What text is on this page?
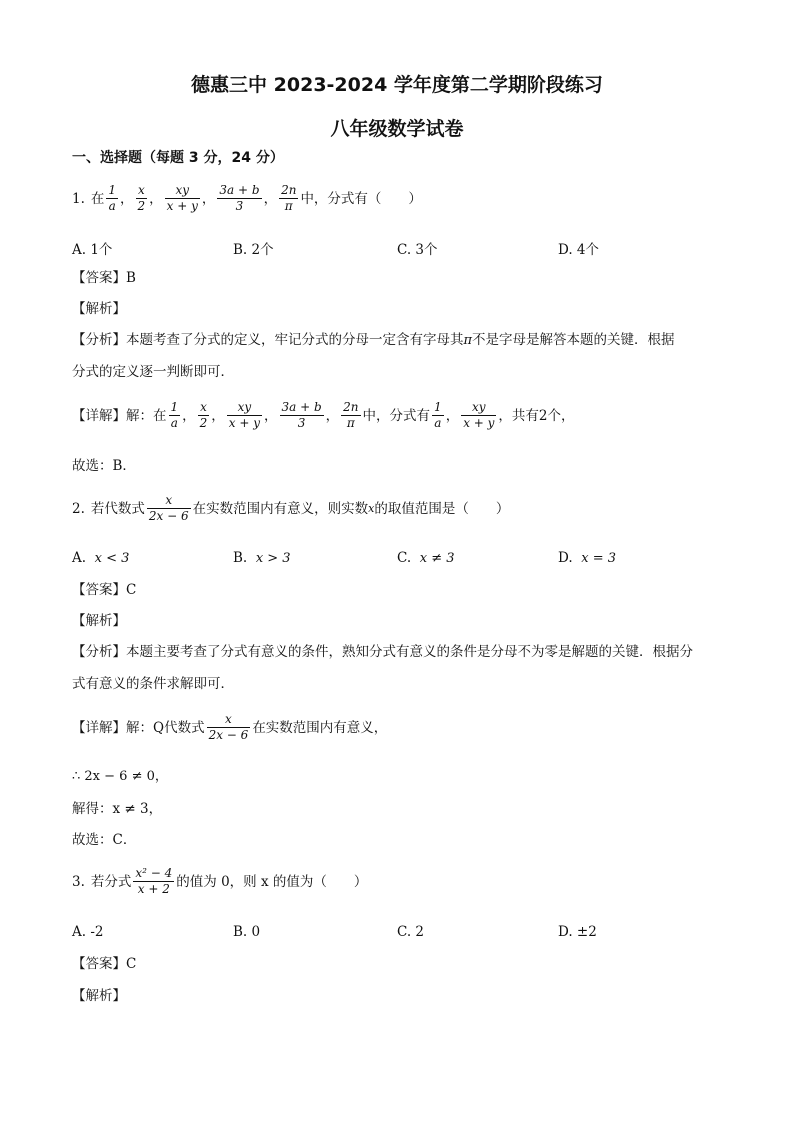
德惠三中 2023-2024 学年度第二学期阶段练习
八年级数学试卷
一、选择题（每题 3 分，24 分）
1. 在 $\frac{1}{a}$ ， $\frac{x}{2}$ ， $\frac{xy}{x + y}$ ， $\frac{3a + b}{3}$ ， $\frac{2n}{\pi}$ 中，分式有（　　）
A. 1个	B. 2个	C. 3个	D. 4个
【答案】B
【解析】
【分析】本题考查了分式的定义，牢记分式的分母一定含有字母其π不是字母是解答本题的关键．根据
分式的定义逐一判断即可．
【详解】 解：在 $\frac{1}{a}$ ， $\frac{x}{2}$ ， $\frac{xy}{x + y}$ ， $\frac{3a + b}{3}$ ， $\frac{2n}{\pi}$ 中，分式有 $\frac{1}{a}$ ， $\frac{xy}{x + y}$ ，共有2个，
故选：B．
2. 若代数式 $\frac{x}{2x - 6}$ 在实数范围内有意义，则实数 x 的取值范围是（　　）
A. x < 3	B. x > 3	C. x ≠ 3	D. x = 3
【答案】C
【解析】
【分析】本题主要考查了分式有意义的条件，熟知分式有意义的条件是分母不为零是解题的关键．根据分
式有意义的条件求解即可．
【详解】 解：Q代数式 $\frac{x}{2x - 6}$ 在实数范围内有意义，
∴ 2x − 6 ≠ 0，
解得：x ≠ 3，
故选：C．
3. 若分式 $\frac{\text{x² − 4}}{x + 2}$ 的值为 0，则 x 的值为（　　）
A. -2	B. 0	C. 2	D. ±2
【答案】C
【解析】
